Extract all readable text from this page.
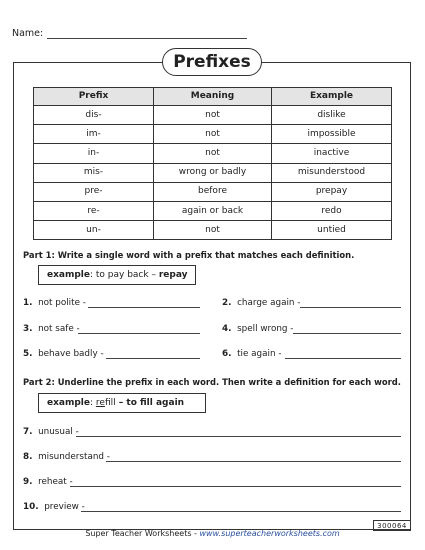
Name:
Prefixes
Prefix	Meaning	Example
dis-	not	dislike
im-	not	impossible
in-	not	inactive
mis-	wrong or badly	misunderstood
pre-	before	prepay
re-	again or back	redo
un-	not	untied
Part 1: Write a single word with a prefix that matches each definition.
example : to pay back – repay
1. not polite -	2. charge again -
3. not safe -	4. spell wrong -
5. behave badly -	6. tie again -
Part 2: Underline the prefix in each word. Then write a definition for each word.
example : re fill – to fill again
7. unusual -
8. misunderstand -
9. reheat -
10. preview -
Super Teacher Worksheets - www.superteacherworksheets.com
300064
